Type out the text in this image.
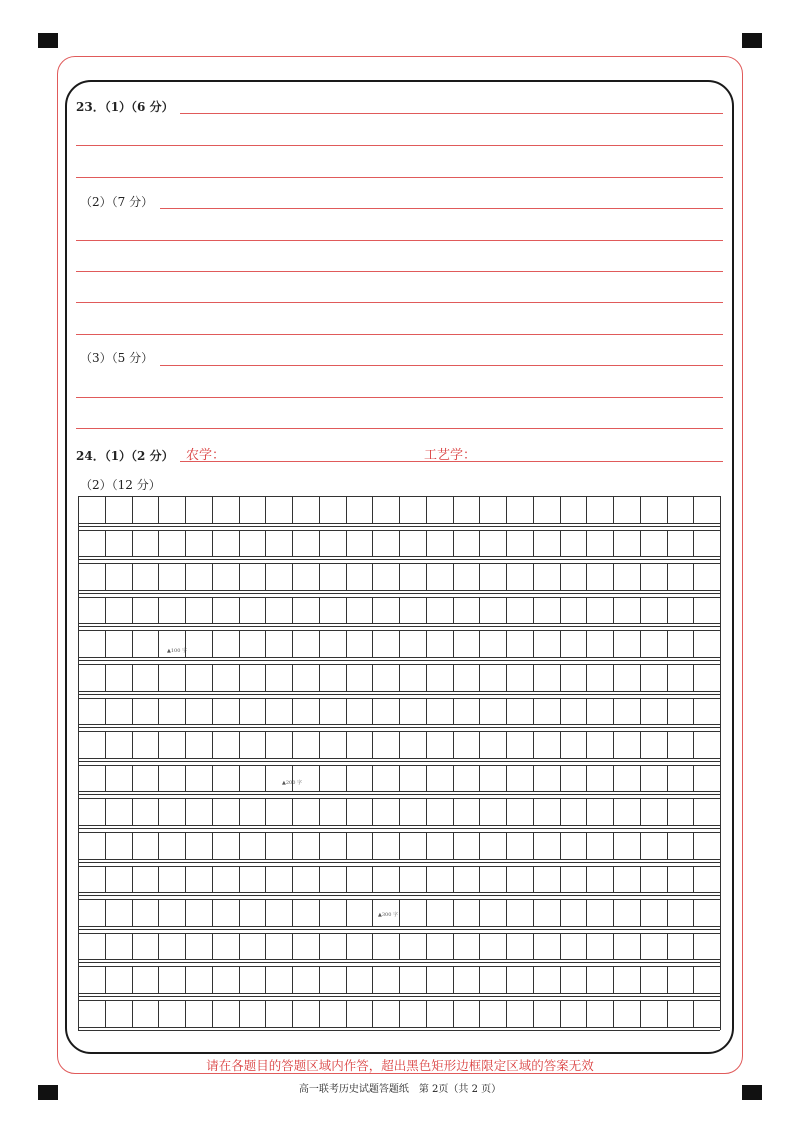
23．（1）（6 分）
（2）（7 分）
（3）（5 分）
24．（1）（2 分） 农学：	工艺学：
（2）（12 分）
▲100 字
▲200 字
▲300 字
请在各题目的答题区域内作答，超出黑色矩形边框限定区域的答案无效
高一联考历史试题答题纸　第 2页（共 2 页）
